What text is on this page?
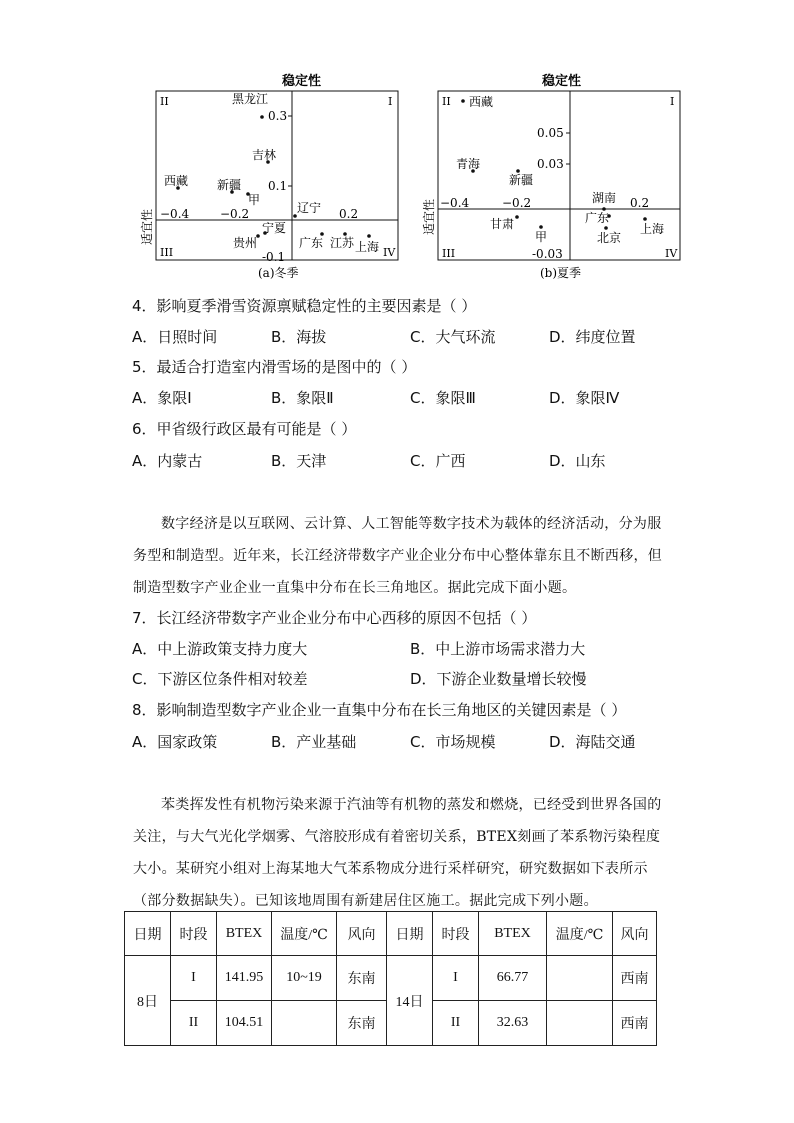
稳定性
适宜性
II	I
III	IV
0.3
0.1
-0.1
−0.4	−0.2	0.2
黑龙江
吉林
西藏 新疆
甲
辽宁
宁夏
贵州	广东 江苏 上海
(a)冬季
稳定性
适宜性
II	I
III	IV
0.05
0.03
-0.03
−0.4	−0.2	0.2
西藏
青海
新疆
甘肃
甲
湖南
广东
北京
上海
(b)夏季
4．影响夏季滑雪资源禀赋稳定性的主要因素是（ ）
A．日照时间	B．海拔	C．大气环流	D．纬度位置
5．最适合打造室内滑雪场的是图中的（ ）
A．象限Ⅰ	B．象限Ⅱ	C．象限Ⅲ	D．象限Ⅳ
6．甲省级行政区最有可能是（ ）
A．内蒙古	B．天津	C．广西	D．山东
数字经济是以互联网、云计算、人工智能等数字技术为载体的经济活动，分为服务型和制造型。近年来，长江经济带数字产业企业分布中心整体靠东且不断西移，但制造型数字产业企业一直集中分布在长三角地区。据此完成下面小题。
7．长江经济带数字产业企业分布中心西移的原因不包括（ ）
A．中上游政策支持力度大	B．中上游市场需求潜力大
C．下游区位条件相对较差	D．下游企业数量增长较慢
8．影响制造型数字产业企业一直集中分布在长三角地区的关键因素是（ ）
A．国家政策	B．产业基础	C．市场规模	D．海陆交通
苯类挥发性有机物污染来源于汽油等有机物的蒸发和燃烧，已经受到世界各国的关注，与大气光化学烟雾、气溶胶形成有着密切关系，BTEX刻画了苯系物污染程度大小。某研究小组对上海某地大气苯系物成分进行采样研究，研究数据如下表所示（部分数据缺失）。已知该地周围有新建居住区施工。据此完成下列小题。
日期	时段	BTEX	温度/℃	风向	日期	时段	BTEX	温度/℃	风向
8日	I	141.95	10~19	东南	14日	I	66.77		西南
	II	104.51		东南		II	32.63		西南
